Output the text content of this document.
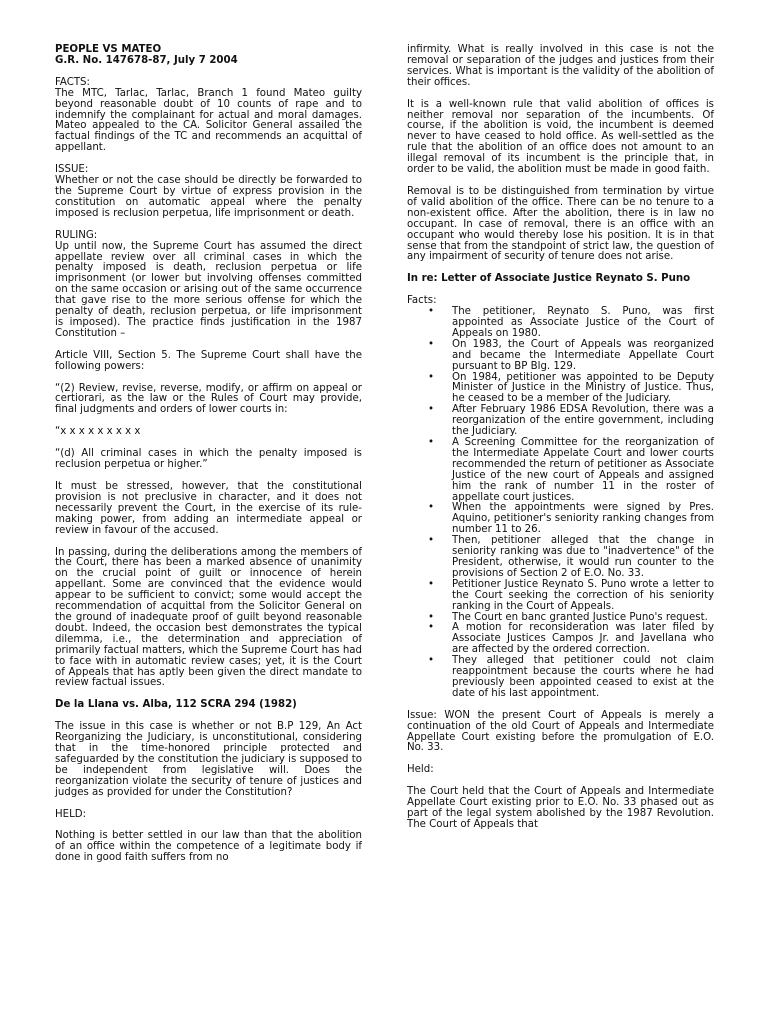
PEOPLE VS MATEO

G.R. No. 147678-87, July 7 2004

FACTS:

The MTC, Tarlac, Tarlac, Branch 1 found Mateo guilty beyond reasonable doubt of 10 counts of rape and to indemnify the complainant for actual and moral damages. Mateo appealed to the CA. Solicitor General assailed the factual findings of the TC and recommends an acquittal of appellant.

ISSUE:

Whether or not the case should be directly be forwarded to the Supreme Court by virtue of express provision in the constitution on automatic appeal where the penalty imposed is reclusion perpetua, life imprisonment or death.

RULING:

Up until now, the Supreme Court has assumed the direct appellate review over all criminal cases in which the penalty imposed is death, reclusion perpetua or life imprisonment (or lower but involving offenses committed on the same occasion or arising out of the same occurrence that gave rise to the more serious offense for which the penalty of death, reclusion perpetua, or life imprisonment is imposed). The practice finds justification in the 1987 Constitution –

Article VIII, Section 5. The Supreme Court shall have the following powers:

“(2) Review, revise, reverse, modify, or affirm on appeal or certiorari, as the law or the Rules of Court may provide, final judgments and orders of lower courts in:

“x x x x x x x x x

“(d) All criminal cases in which the penalty imposed is reclusion perpetua or higher.”

It must be stressed, however, that the constitutional provision is not preclusive in character, and it does not necessarily prevent the Court, in the exercise of its rule-making power, from adding an intermediate appeal or review in favour of the accused.

In passing, during the deliberations among the members of the Court, there has been a marked absence of unanimity on the crucial point of guilt or innocence of herein appellant. Some are convinced that the evidence would appear to be sufficient to convict; some would accept the recommendation of acquittal from the Solicitor General on the ground of inadequate proof of guilt beyond reasonable doubt. Indeed, the occasion best demonstrates the typical dilemma, i.e., the determination and appreciation of primarily factual matters, which the Supreme Court has had to face with in automatic review cases; yet, it is the Court of Appeals that has aptly been given the direct mandate to review factual issues.

De la Llana vs. Alba, 112 SCRA 294 (1982)

The issue in this case is whether or not B.P 129, An Act Reorganizing the Judiciary, is unconstitutional, considering that in the time-honored principle protected and safeguarded by the constitution the judiciary is supposed to be independent from legislative will. Does the reorganization violate the security of tenure of justices and judges as provided for under the Constitution?

HELD:

Nothing is better settled in our law than that the abolition of an office within the competence of a legitimate body if done in good faith suffers from no

infirmity. What is really involved in this case is not the removal or separation of the judges and justices from their services. What is important is the validity of the abolition of their offices.

It is a well-known rule that valid abolition of offices is neither removal nor separation of the incumbents. Of course, if the abolition is void, the incumbent is deemed never to have ceased to hold office. As well-settled as the rule that the abolition of an office does not amount to an illegal removal of its incumbent is the principle that, in order to be valid, the abolition must be made in good faith.

Removal is to be distinguished from termination by virtue of valid abolition of the office. There can be no tenure to a non-existent office. After the abolition, there is in law no occupant. In case of removal, there is an office with an occupant who would thereby lose his position. It is in that sense that from the standpoint of strict law, the question of any impairment of security of tenure does not arise.

In re: Letter of Associate Justice Reynato S. Puno

Facts:

• The petitioner, Reynato S. Puno, was first appointed as Associate Justice of the Court of Appeals on 1980.
• On 1983, the Court of Appeals was reorganized and became the Intermediate Appellate Court pursuant to BP Blg. 129.
• On 1984, petitioner was appointed to be Deputy Minister of Justice in the Ministry of Justice. Thus, he ceased to be a member of the Judiciary.
• After February 1986 EDSA Revolution, there was a reorganization of the entire government, including the Judiciary.
• A Screening Committee for the reorganization of the Intermediate Appelate Court and lower courts recommended the return of petitioner as Associate Justice of the new court of Appeals and assigned him the rank of number 11 in the roster of appellate court justices.
• When the appointments were signed by Pres. Aquino, petitioner's seniority ranking changes from number 11 to 26.
• Then, petitioner alleged that the change in seniority ranking was due to "inadvertence" of the President, otherwise, it would run counter to the provisions of Section 2 of E.O. No. 33.
• Petitioner Justice Reynato S. Puno wrote a letter to the Court seeking the correction of his seniority ranking in the Court of Appeals.
• The Court en banc granted Justice Puno's request.
• A motion for reconsideration was later filed by Associate Justices Campos Jr. and Javellana who are affected by the ordered correction.
• They alleged that petitioner could not claim reappointment because the courts where he had previously been appointed ceased to exist at the date of his last appointment.

Issue: WON the present Court of Appeals is merely a continuation of the old Court of Appeals and Intermediate Appellate Court existing before the promulgation of E.O. No. 33.

Held:

The Court held that the Court of Appeals and Intermediate Appellate Court existing prior to E.O. No. 33 phased out as part of the legal system abolished by the 1987 Revolution. The Court of Appeals that
